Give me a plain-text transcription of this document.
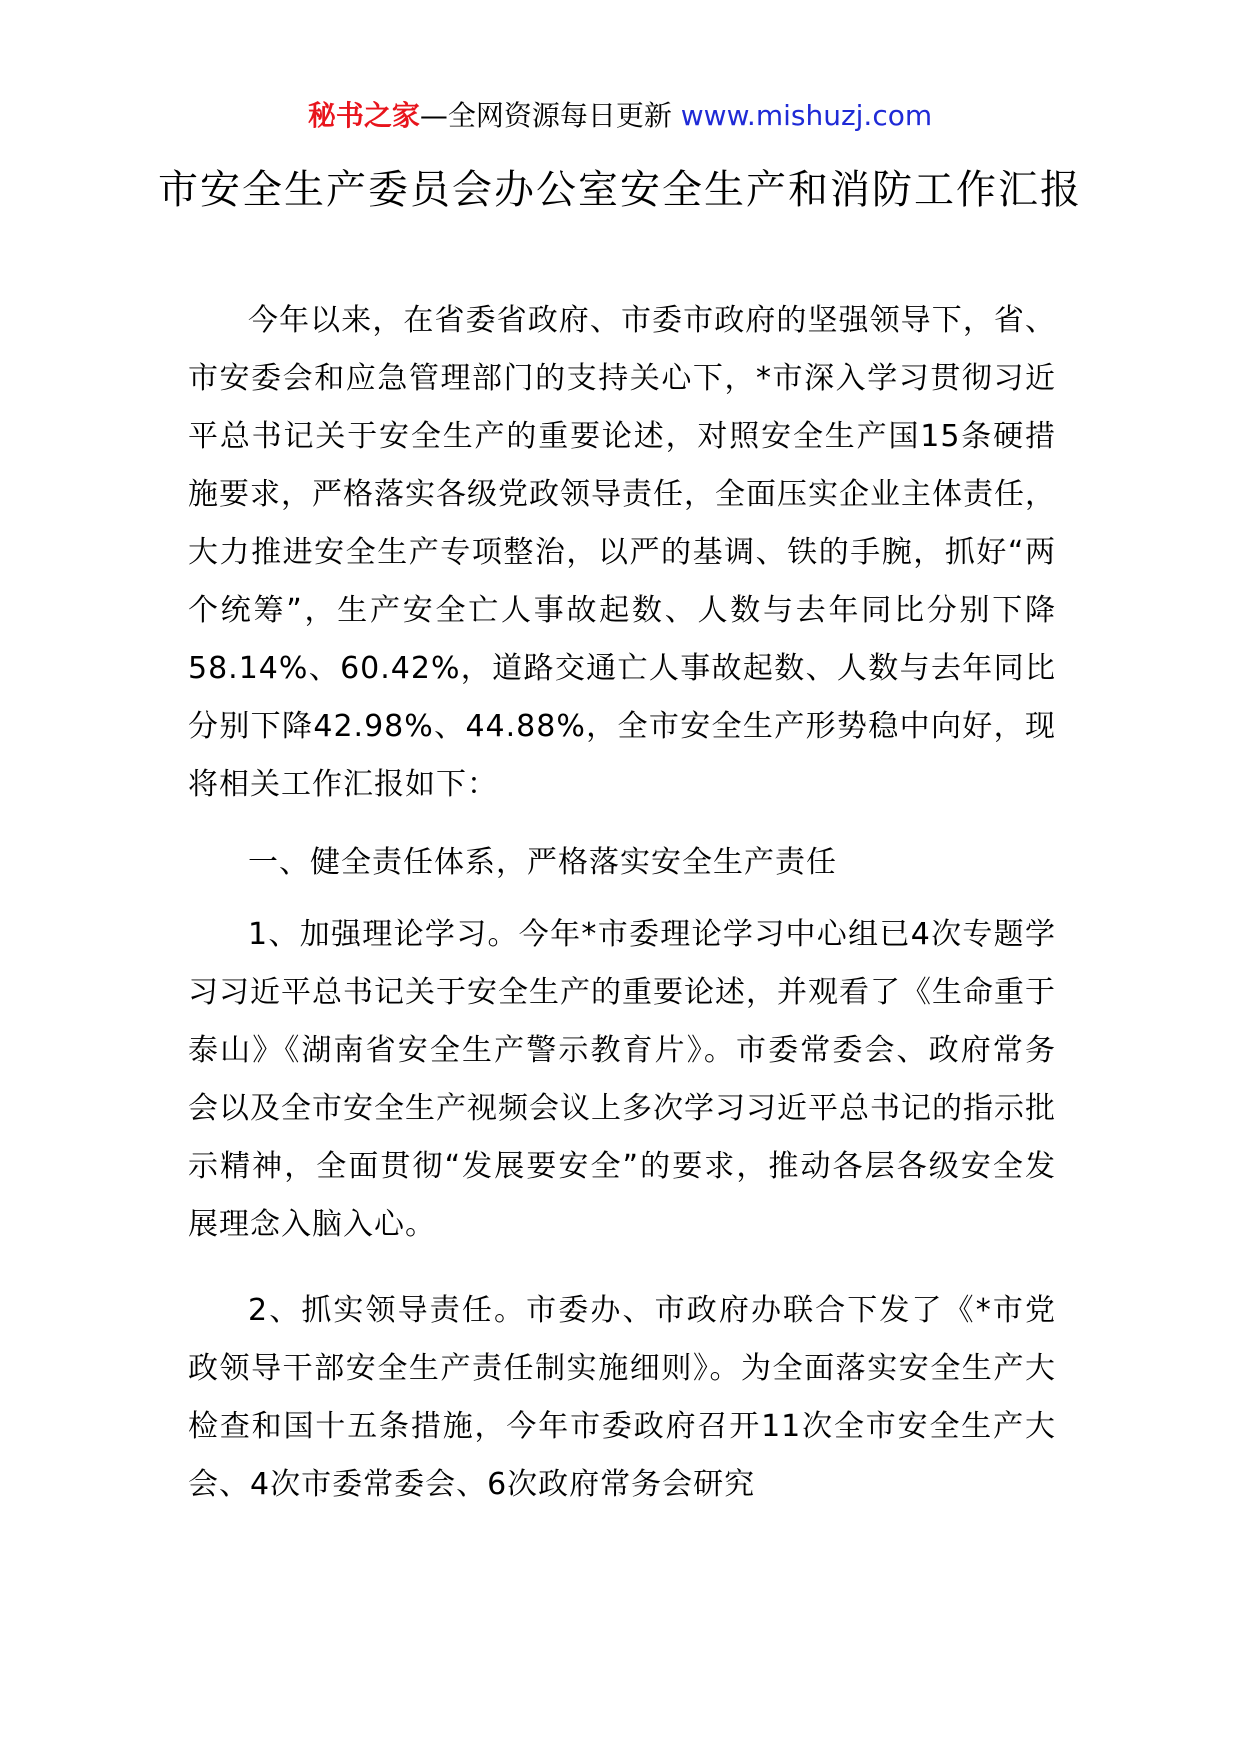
秘书之家—全网资源每日更新 www.mishuzj.com
市安全生产委员会办公室安全生产和消防工作汇报

今年以来，在省委省政府、市委市政府的坚强领导下，省、市安委会和应急管理部门的支持关心下，*市深入学习贯彻习近平总书记关于安全生产的重要论述，对照安全生产国15条硬措施要求，严格落实各级党政领导责任，全面压实企业主体责任，大力推进安全生产专项整治，以严的基调、铁的手腕，抓好“两个统筹”，生产安全亡人事故起数、人数与去年同比分别下降58.14%、60.42%，道路交通亡人事故起数、人数与去年同比分别下降42.98%、44.88%，全市安全生产形势稳中向好，现将相关工作汇报如下：

一、健全责任体系，严格落实安全生产责任

1、加强理论学习。今年*市委理论学习中心组已4次专题学习习近平总书记关于安全生产的重要论述，并观看了《生命重于泰山》《湖南省安全生产警示教育片》。市委常委会、政府常务会以及全市安全生产视频会议上多次学习习近平总书记的指示批示精神，全面贯彻“发展要安全”的要求，推动各层各级安全发展理念入脑入心。

2、抓实领导责任。市委办、市政府办联合下发了《*市党政领导干部安全生产责任制实施细则》。为全面落实安全生产大检查和国十五条措施，今年市委政府召开11次全市安全生产大会、4次市委常委会、6次政府常务会研究
